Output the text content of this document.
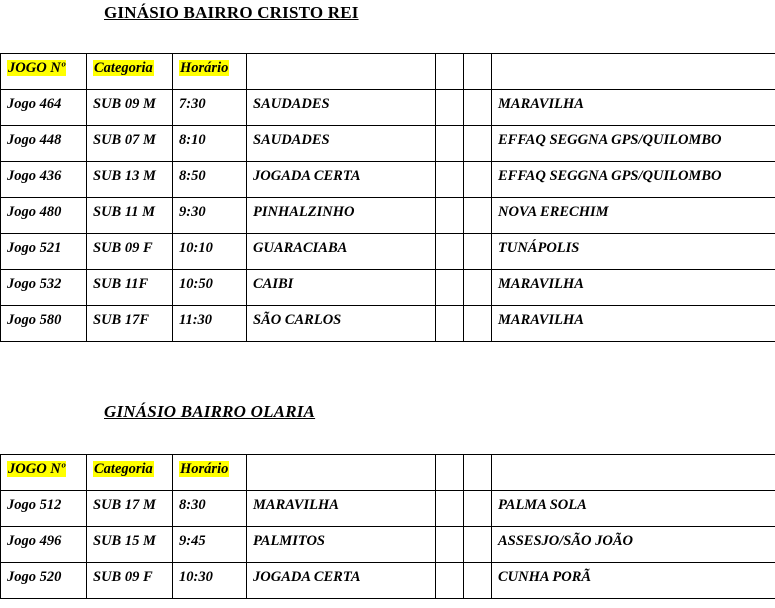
GINÁSIO BAIRRO CRISTO REI
JOGO Nº	Categoria	Horário				
Jogo 464	SUB 09 M	7:30	SAUDADES			MARAVILHA
Jogo 448	SUB 07 M	8:10	SAUDADES			EFFAQ SEGGNA GPS/QUILOMBO
Jogo 436	SUB 13 M	8:50	JOGADA CERTA			EFFAQ SEGGNA GPS/QUILOMBO
Jogo 480	SUB 11 M	9:30	PINHALZINHO			NOVA ERECHIM
Jogo 521	SUB 09 F	10:10	GUARACIABA			TUNÁPOLIS
Jogo 532	SUB 11F	10:50	CAIBI			MARAVILHA
Jogo 580	SUB 17F	11:30	SÃO CARLOS			MARAVILHA
GINÁSIO BAIRRO OLARIA
JOGO Nº	Categoria	Horário				
Jogo 512	SUB 17 M	8:30	MARAVILHA			PALMA SOLA
Jogo 496	SUB 15 M	9:45	PALMITOS			ASSESJO/SÃO JOÃO
Jogo 520	SUB 09 F	10:30	JOGADA CERTA			CUNHA PORÃ
